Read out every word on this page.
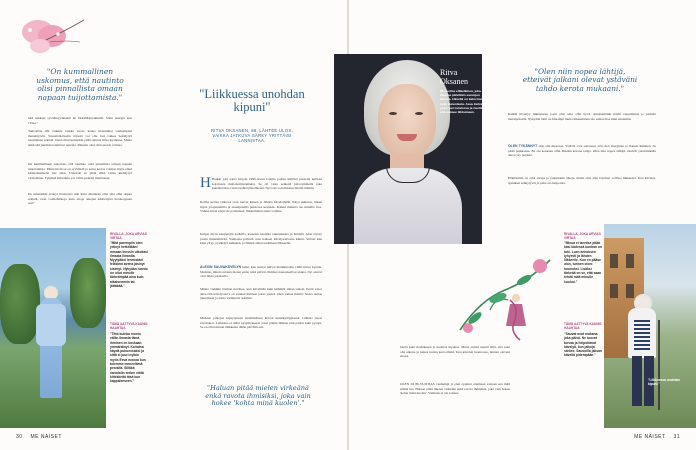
"On kummallinen uskomus, että nautinto olisi pinnallista omaan napaan tuijottamista."
nitä sukkaja syvällisyydkseltä tai tärkälläsjotakkulla. Siten energia taas virtaa."
TAKANA ON rankkia raskka vuosi, koska molemmat vanhempani menehtyivät. Stressintäsiwella töjassä voi ollu tosi vaikea heittäytyä nauttimaan sekistä. Jäsut ollutt kuitenkin pitää rutunta tiitsa kuoliessa. Mutta ehkä sitä juurikin nautintoa nanolta. Muuten olisi ollut pussis voimaa.
On kummallinen uskomus, että nautinto olisi pinnallista omaan napaan tuijottamista. Päinvastoin se on syvällistä ja antaa kertaa voimaa myös omat käsittelemiselle itse asiat. Uskoisin se pitää ehkä virtaa kieltäytyä virtaamana. Tyhjästä kuitenkin voi valita juoksin muuttuaan.
En mitenkään etsinyt tilanteista niin kuin ahatuksia ellei tätä ollut ohjata sekistä, vaan voimahalkoja kuin aitoja aikojen käsiteltynä tietokoppaan asti."
RIVALLA, JOKA ARVIAS VIRTAA
"Mitä parempiin olen yrtinyt hetkittääni mmaan Ienssin ulkoilasi ilmasta ilmastia. Myytyääni Ienmistäni leikkimä avena jäsinyt sisimyt. Nykyään luonto on ollut minulle tärkeämpää aina kuin aikaisemmin tai jättäkää."
TÄMÄ AATTYVA KAUNIS HAAHTAA
"Tittö kuinka monin väliin Ilmasta tämä ihminen en koskaan ymmärtänyt. Koiratsa käydä puhuessaksi ja sittä ei juuri nytkin myös Eeva monoa kun tulemme meneelämä pesisitä. Silläkä varmistin eniten näitä kiitekkeitä täsä kun kappaleeseen."
"Liikkuessa unohdan kipuni"
RITVA OKSANEN, 86, LÄHTEE ULOS, VAIKKA JATKUVA SÄRKY YRITTÄISI LANNISTAA.
H Hetkin jota aatua kirjoin 1990-luvun lopulla joulun kiiltävä puolella kalliola kojoitusta mallanomistamaksi. Se oli vasta selkeitä palovammalla joka kuudentoista vuotta kahtotyökolhuaan. Nyt taas voin liikkua mielin määrin.
Kolme kertaa viikossa otan sauvat käteen ja lähden kävelemään. Käyn uimassa, liikun myös joogatunnilla ja tanssijunalla puistossa kesäisin. Kaikki liikunta tuo minulle iloa. Vaikka kivut eivät ole poistuneet, liikkuminen antaa voimaa.
Kuljen myös kaupungin kaduilla, katselen kauniita rakennuksia ja ihmisiä. Aina löytyy jotain ihmeteltävää. Vanhoina päivinä otan kaiteen kävelysauvasta kiinni. Silloin kun kipu yltyy, pysähdyn hetkeksi, ja lähden sitten uudelleen liikkeelle.
ALEXIN SAUVAKÄVELYN hetki, kun sauvat tulivat markkinoille 1990-luvun lopulla. Muistan, miten outoina monet ensin niitä pitivät. Ihmiset naureskelivat aluksi. Nyt sauvat ovat lähes jokaisella.
Minua vieläkin hieman huvittaa, kun kävellään kuin hiihtäjät ilman suksia. Pertti sanoi aina, että kävelysauva on vanhan ihmisen paras ystävä. Olen samaa mieltä: Sauva auttaa jaksamaan ja antaa varmuutta askeliin.
Muistan jalkojen kipeytyneen ensimmäisen kerran kuusikymppisenä. Lääkäri totesi nivelrikon. Leikkaus ei tullut kysymykseen, joten päätin liikkua niin paljon kuin pystyn. Se on ollut minun lääkkeeni tähän päivään asti.
"Haluan pitää mielen virkeänä enkä ravota ihmisiksi, joka vain hokee 'kohta minä kuolen'."
Ritva
Oksanen
86-vuotias eläkeläinen, joka kävelee päivittäin sauvojen kanssa. Hänellä on kaksi lasta ja neljä lastenlasta. Asuu Helsingissä yksin kerrostalossa ja nauttii siitä, että pääsee liikkumaan.
"Olen niin nopea lähtijä, etteivät jalkani olevat ystäväni tahdo kerota mukaani."
Kaikki tiivistyy liikkeeseen jossa olen aina ollut hyvä. Aikaisemmin kävin tanssimassa ja juoksin metsäpoluilla. Nykyään tahti on hitaampi mutta liikkuminen tuo samaa iloa kuin ennenkin.
OLEN TYKÄNNYT aina olla menossa. Ystävät ovat sanoneet, että olen energinen ja iloinen ihminen. Se pitää paikkansa. En ole koskaan ollut mikään kotona istuja. Olen niin nopea lähtijä, etteivät ystävänikään aina pysy perässä.
Elämässäni on ollut suruja ja vaikeitakin aikoja, mutta olen aina löytänyt voimaa liikkeestä. Kun kävelee, ajatukset selkiytyvät ja paha olo helpottaa.
hiertä kuin tietääkseen ja unohtaa kipunsa. Mutta eniten nautin siitä, että saan olla ulkona ja tuntea tuulen kasvoillani. Kun kävelen luonnossa, tunnen olevani elossa.
OLEN JO 86-VUOTIAS vanhempi ja olen oppinut ottamaan vastaan sen mitä elämä tuo. Haluan pitää mielen virkeänä enkä ravota ihmisiksi, joka vain hokee 'kohta minä kuolen'. Vanhuus ei ole sairaus.
RIVALLA, JOKA ARVIAS VIRTAA
"Minua ei tarvitse pitää käsi kädessä kunhan on tuki. Luen annoksen lyhyesti ja lähden liikkeelle. Kun en pääse ulos, tunnen oloni huonoksi. Lisäksi tärkeää on se, että saan tehdä mitä minulle kuuluu."
TÄMÄ AATTYVA KAUNIS HAAHTAA
"Sauvat ovat mukana joka päivä. Ne tuovat turvaa ja helpottavat kävelyä, kun jalkoja särkee. Sauvoilla jaksan kävellä pidempään."
"Liikkuessa unohdan kipuni."
30 ME NAISET	ME NAISET 31
